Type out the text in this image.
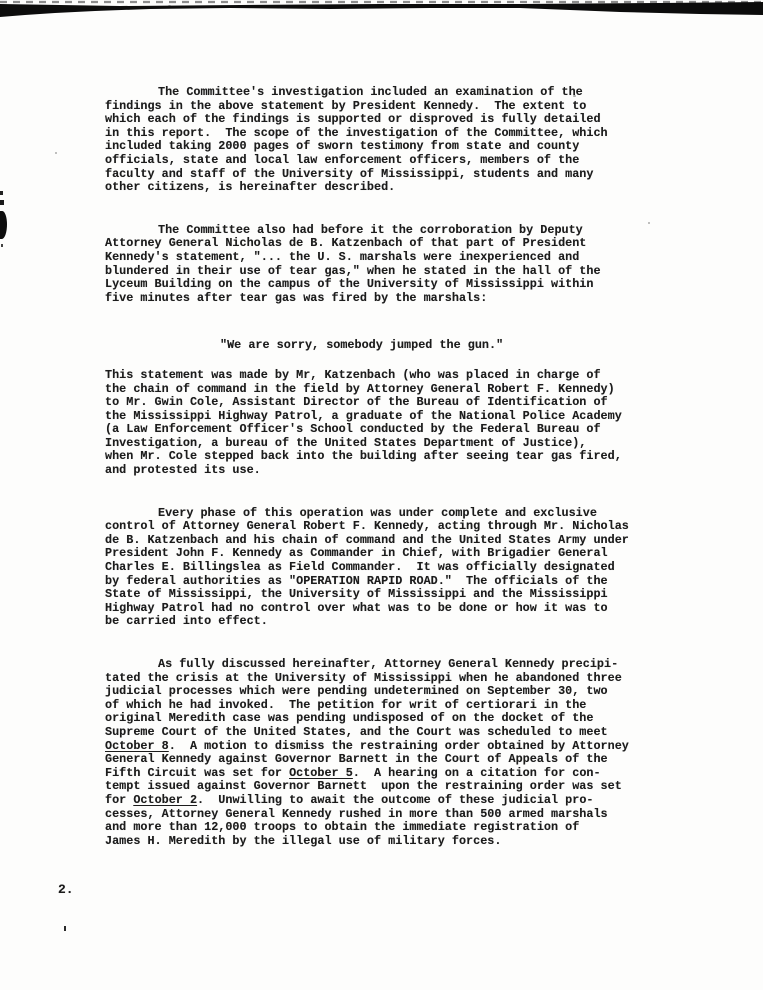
The Committee's investigation included an examination of the
findings in the above statement by President Kennedy.  The extent to
which each of the findings is supported or disproved is fully detailed
in this report.  The scope of the investigation of the Committee, which
included taking 2000 pages of sworn testimony from state and county
officials, state and local law enforcement officers, members of the
faculty and staff of the University of Mississippi, students and many
other citizens, is hereinafter described.
The Committee also had before it the corroboration by Deputy
Attorney General Nicholas de B. Katzenbach of that part of President
Kennedy's statement, "... the U. S. marshals were inexperienced and
blundered in their use of tear gas," when he stated in the hall of the
Lyceum Building on the campus of the University of Mississippi within
five minutes after tear gas was fired by the marshals:
"We are sorry, somebody jumped the gun."
This statement was made by Mr, Katzenbach (who was placed in charge of
the chain of command in the field by Attorney General Robert F. Kennedy)
to Mr. Gwin Cole, Assistant Director of the Bureau of Identification of
the Mississippi Highway Patrol, a graduate of the National Police Academy
(a Law Enforcement Officer's School conducted by the Federal Bureau of
Investigation, a bureau of the United States Department of Justice),
when Mr. Cole stepped back into the building after seeing tear gas fired,
and protested its use.
Every phase of this operation was under complete and exclusive
control of Attorney General Robert F. Kennedy, acting through Mr. Nicholas
de B. Katzenbach and his chain of command and the United States Army under
President John F. Kennedy as Commander in Chief, with Brigadier General
Charles E. Billingslea as Field Commander.  It was officially designated
by federal authorities as "OPERATION RAPID ROAD."  The officials of the
State of Mississippi, the University of Mississippi and the Mississippi
Highway Patrol had no control over what was to be done or how it was to
be carried into effect.
As fully discussed hereinafter, Attorney General Kennedy precipi-
tated the crisis at the University of Mississippi when he abandoned three
judicial processes which were pending undetermined on September 30, two
of which he had invoked.  The petition for writ of certiorari in the
original Meredith case was pending undisposed of on the docket of the
Supreme Court of the United States, and the Court was scheduled to meet
October 8.  A motion to dismiss the restraining order obtained by Attorney
General Kennedy against Governor Barnett in the Court of Appeals of the
Fifth Circuit was set for October 5.  A hearing on a citation for con-
tempt issued against Governor Barnett  upon the restraining order was set
for October 2.  Unwilling to await the outcome of these judicial pro-
cesses, Attorney General Kennedy rushed in more than 500 armed marshals
and more than 12,000 troops to obtain the immediate registration of
James H. Meredith by the illegal use of military forces.
2.
